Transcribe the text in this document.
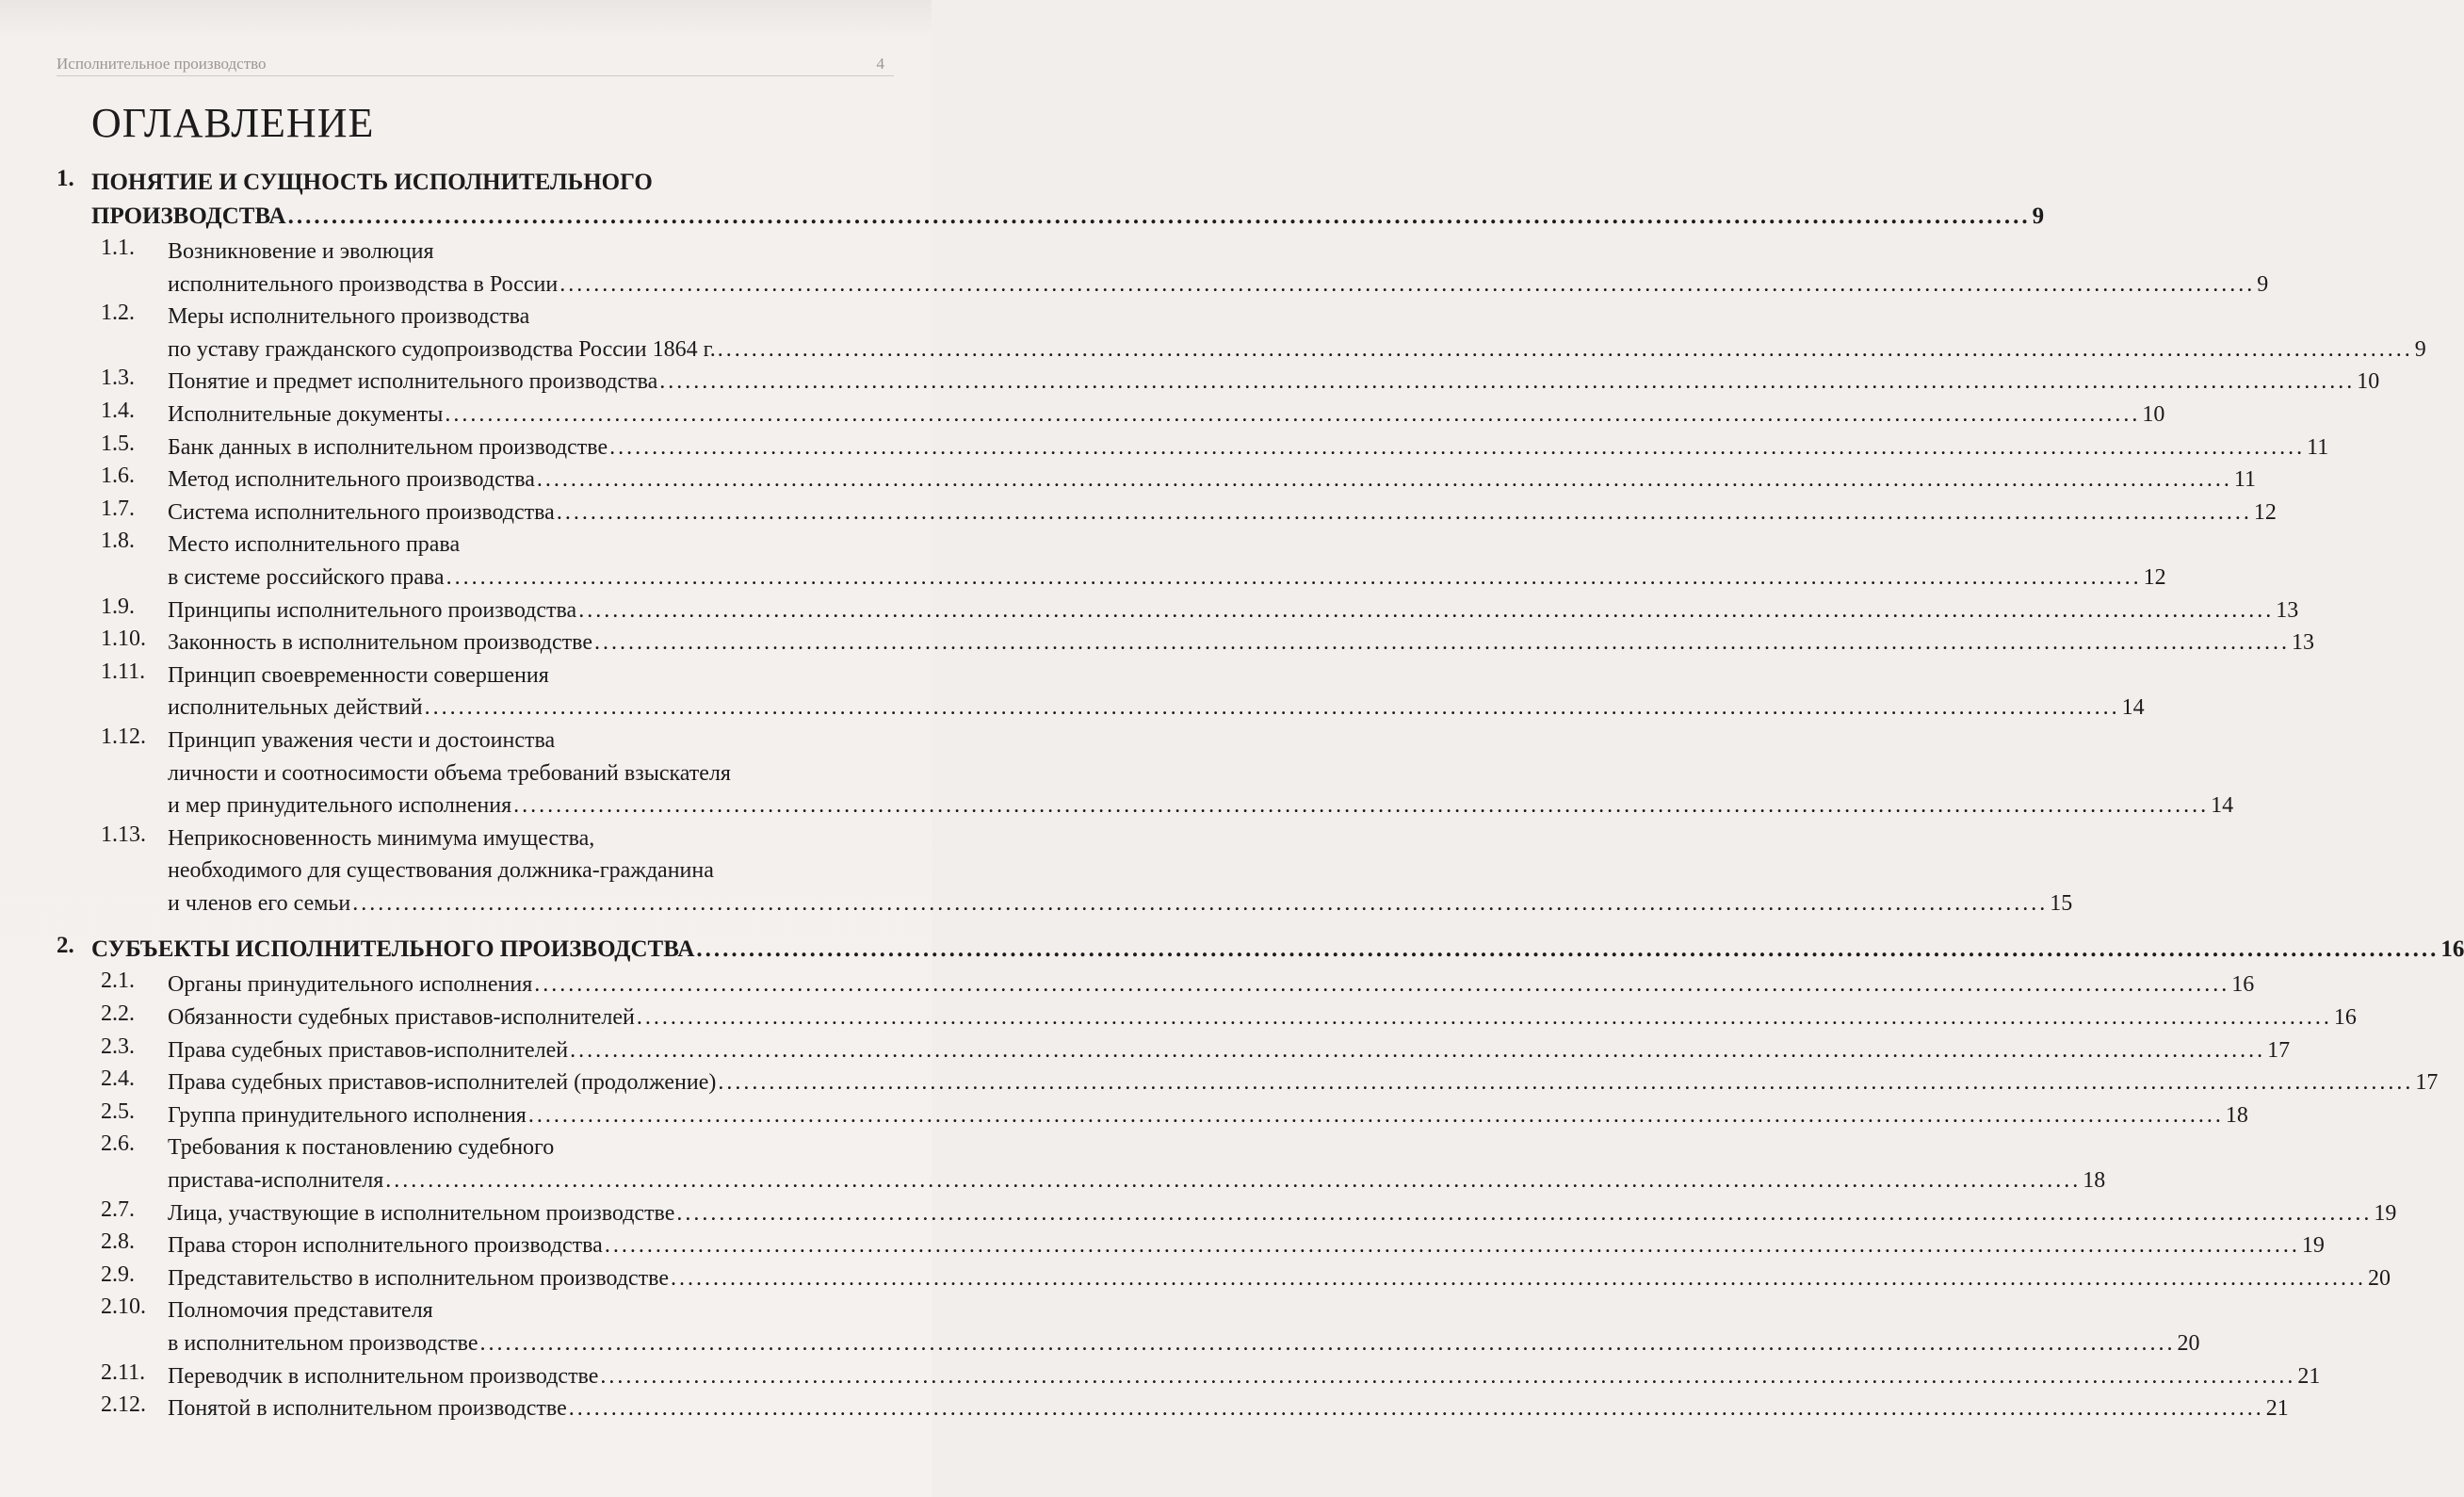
Исполнительное производство	4
ОГЛАВЛЕНИЕ
1. ПОНЯТИЕ И СУЩНОСТЬ ИСПОЛНИТЕЛЬНОГО
ПРОИЗВОДСТВА ........................................................................................................................................................................................................ 9
1.1. Возникновение и эволюция
исполнительного производства в России ........................................................................................................................................................................................................ 9
1.2. Меры исполнительного производства
по уставу гражданского судопроизводства России 1864 г. ........................................................................................................................................................................................................ 9
1.3. Понятие и предмет исполнительного производства ........................................................................................................................................................................................................ 10
1.4. Исполнительные документы ........................................................................................................................................................................................................ 10
1.5. Банк данных в исполнительном производстве ........................................................................................................................................................................................................ 11
1.6. Метод исполнительного производства ........................................................................................................................................................................................................ 11
1.7. Система исполнительного производства ........................................................................................................................................................................................................ 12
1.8. Место исполнительного права
в системе российского права ........................................................................................................................................................................................................ 12
1.9. Принципы исполнительного производства ........................................................................................................................................................................................................ 13
1.10. Законность в исполнительном производстве ........................................................................................................................................................................................................ 13
1.11. Принцип своевременности совершения
исполнительных действий ........................................................................................................................................................................................................ 14
1.12. Принцип уважения чести и достоинства
личности и соотносимости объема требований взыскателя
и мер принудительного исполнения ........................................................................................................................................................................................................ 14
1.13. Неприкосновенность минимума имущества,
необходимого для существования должника-гражданина
и членов его семьи ........................................................................................................................................................................................................ 15
2. СУБЪЕКТЫ ИСПОЛНИТЕЛЬНОГО ПРОИЗВОДСТВА ........................................................................................................................................................................................................ 16
2.1. Органы принудительного исполнения ........................................................................................................................................................................................................ 16
2.2. Обязанности судебных приставов-исполнителей ........................................................................................................................................................................................................ 16
2.3. Права судебных приставов-исполнителей ........................................................................................................................................................................................................ 17
2.4. Права судебных приставов-исполнителей (продолжение) ........................................................................................................................................................................................................ 17
2.5. Группа принудительного исполнения ........................................................................................................................................................................................................ 18
2.6. Требования к постановлению судебного
пристава-исполнителя ........................................................................................................................................................................................................ 18
2.7. Лица, участвующие в исполнительном производстве ........................................................................................................................................................................................................ 19
2.8. Права сторон исполнительного производства ........................................................................................................................................................................................................ 19
2.9. Представительство в исполнительном производстве ........................................................................................................................................................................................................ 20
2.10. Полномочия представителя
в исполнительном производстве ........................................................................................................................................................................................................ 20
2.11. Переводчик в исполнительном производстве ........................................................................................................................................................................................................ 21
2.12. Понятой в исполнительном производстве ........................................................................................................................................................................................................ 21
